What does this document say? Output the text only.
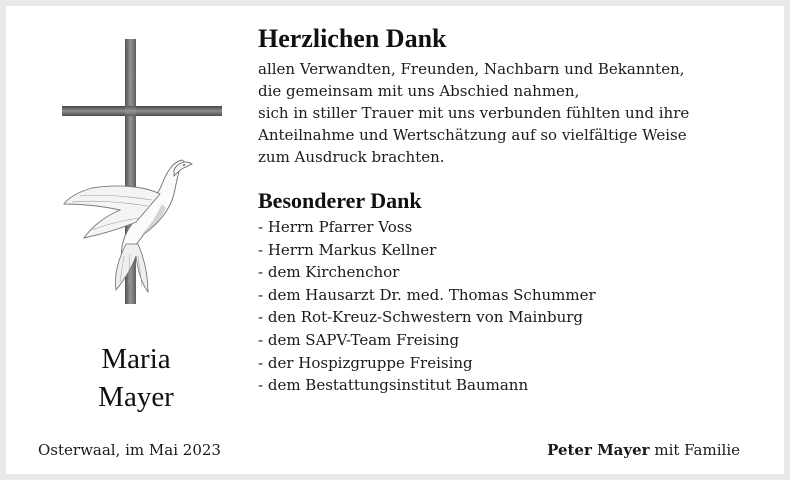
Maria
Mayer
Herzlichen Dank
allen Verwandten, Freunden, Nachbarn und Bekannten,
die gemeinsam mit uns Abschied nahmen,
sich in stiller Trauer mit uns verbunden fühlten und ihre
Anteilnahme und Wertschätzung auf so vielfältige Weise
zum Ausdruck brachten.
Besonderer Dank
- Herrn Pfarrer Voss
- Herrn Markus Kellner
- dem Kirchenchor
- dem Hausarzt Dr. med. Thomas Schummer
- den Rot-Kreuz-Schwestern von Mainburg
- dem SAPV-Team Freising
- der Hospizgruppe Freising
- dem Bestattungsinstitut Baumann
Osterwaal, im Mai 2023	Peter Mayer mit Familie
